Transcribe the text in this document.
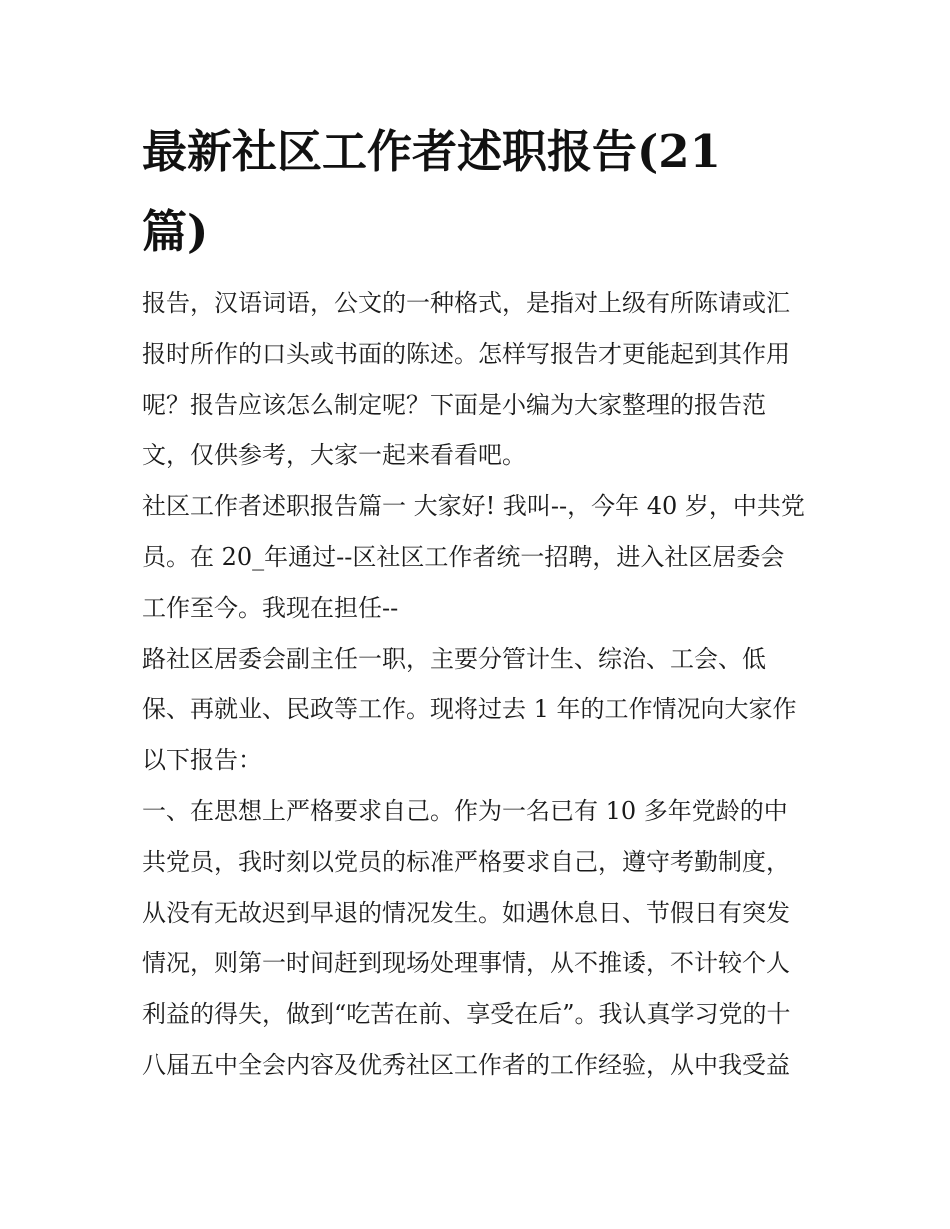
最新社区工作者述职报告(21
篇)
报告，汉语词语，公文的一种格式，是指对上级有所陈请或汇
报时所作的口头或书面的陈述。怎样写报告才更能起到其作用
呢？报告应该怎么制定呢？下面是小编为大家整理的报告范
文，仅供参考，大家一起来看看吧。
社区工作者述职报告篇一 大家好! 我叫--，今年 40 岁，中共党
员。在 20_年通过--区社区工作者统一招聘，进入社区居委会
工作至今。我现在担任--
路社区居委会副主任一职，主要分管计生、综治、工会、低
保、再就业、民政等工作。现将过去 1 年的工作情况向大家作
以下报告：
一、在思想上严格要求自己。作为一名已有 10 多年党龄的中
共党员，我时刻以党员的标准严格要求自己，遵守考勤制度，
从没有无故迟到早退的情况发生。如遇休息日、节假日有突发
情况，则第一时间赶到现场处理事情，从不推诿，不计较个人
利益的得失，做到“吃苦在前、享受在后”。我认真学习党的十
八届五中全会内容及优秀社区工作者的工作经验，从中我受益
